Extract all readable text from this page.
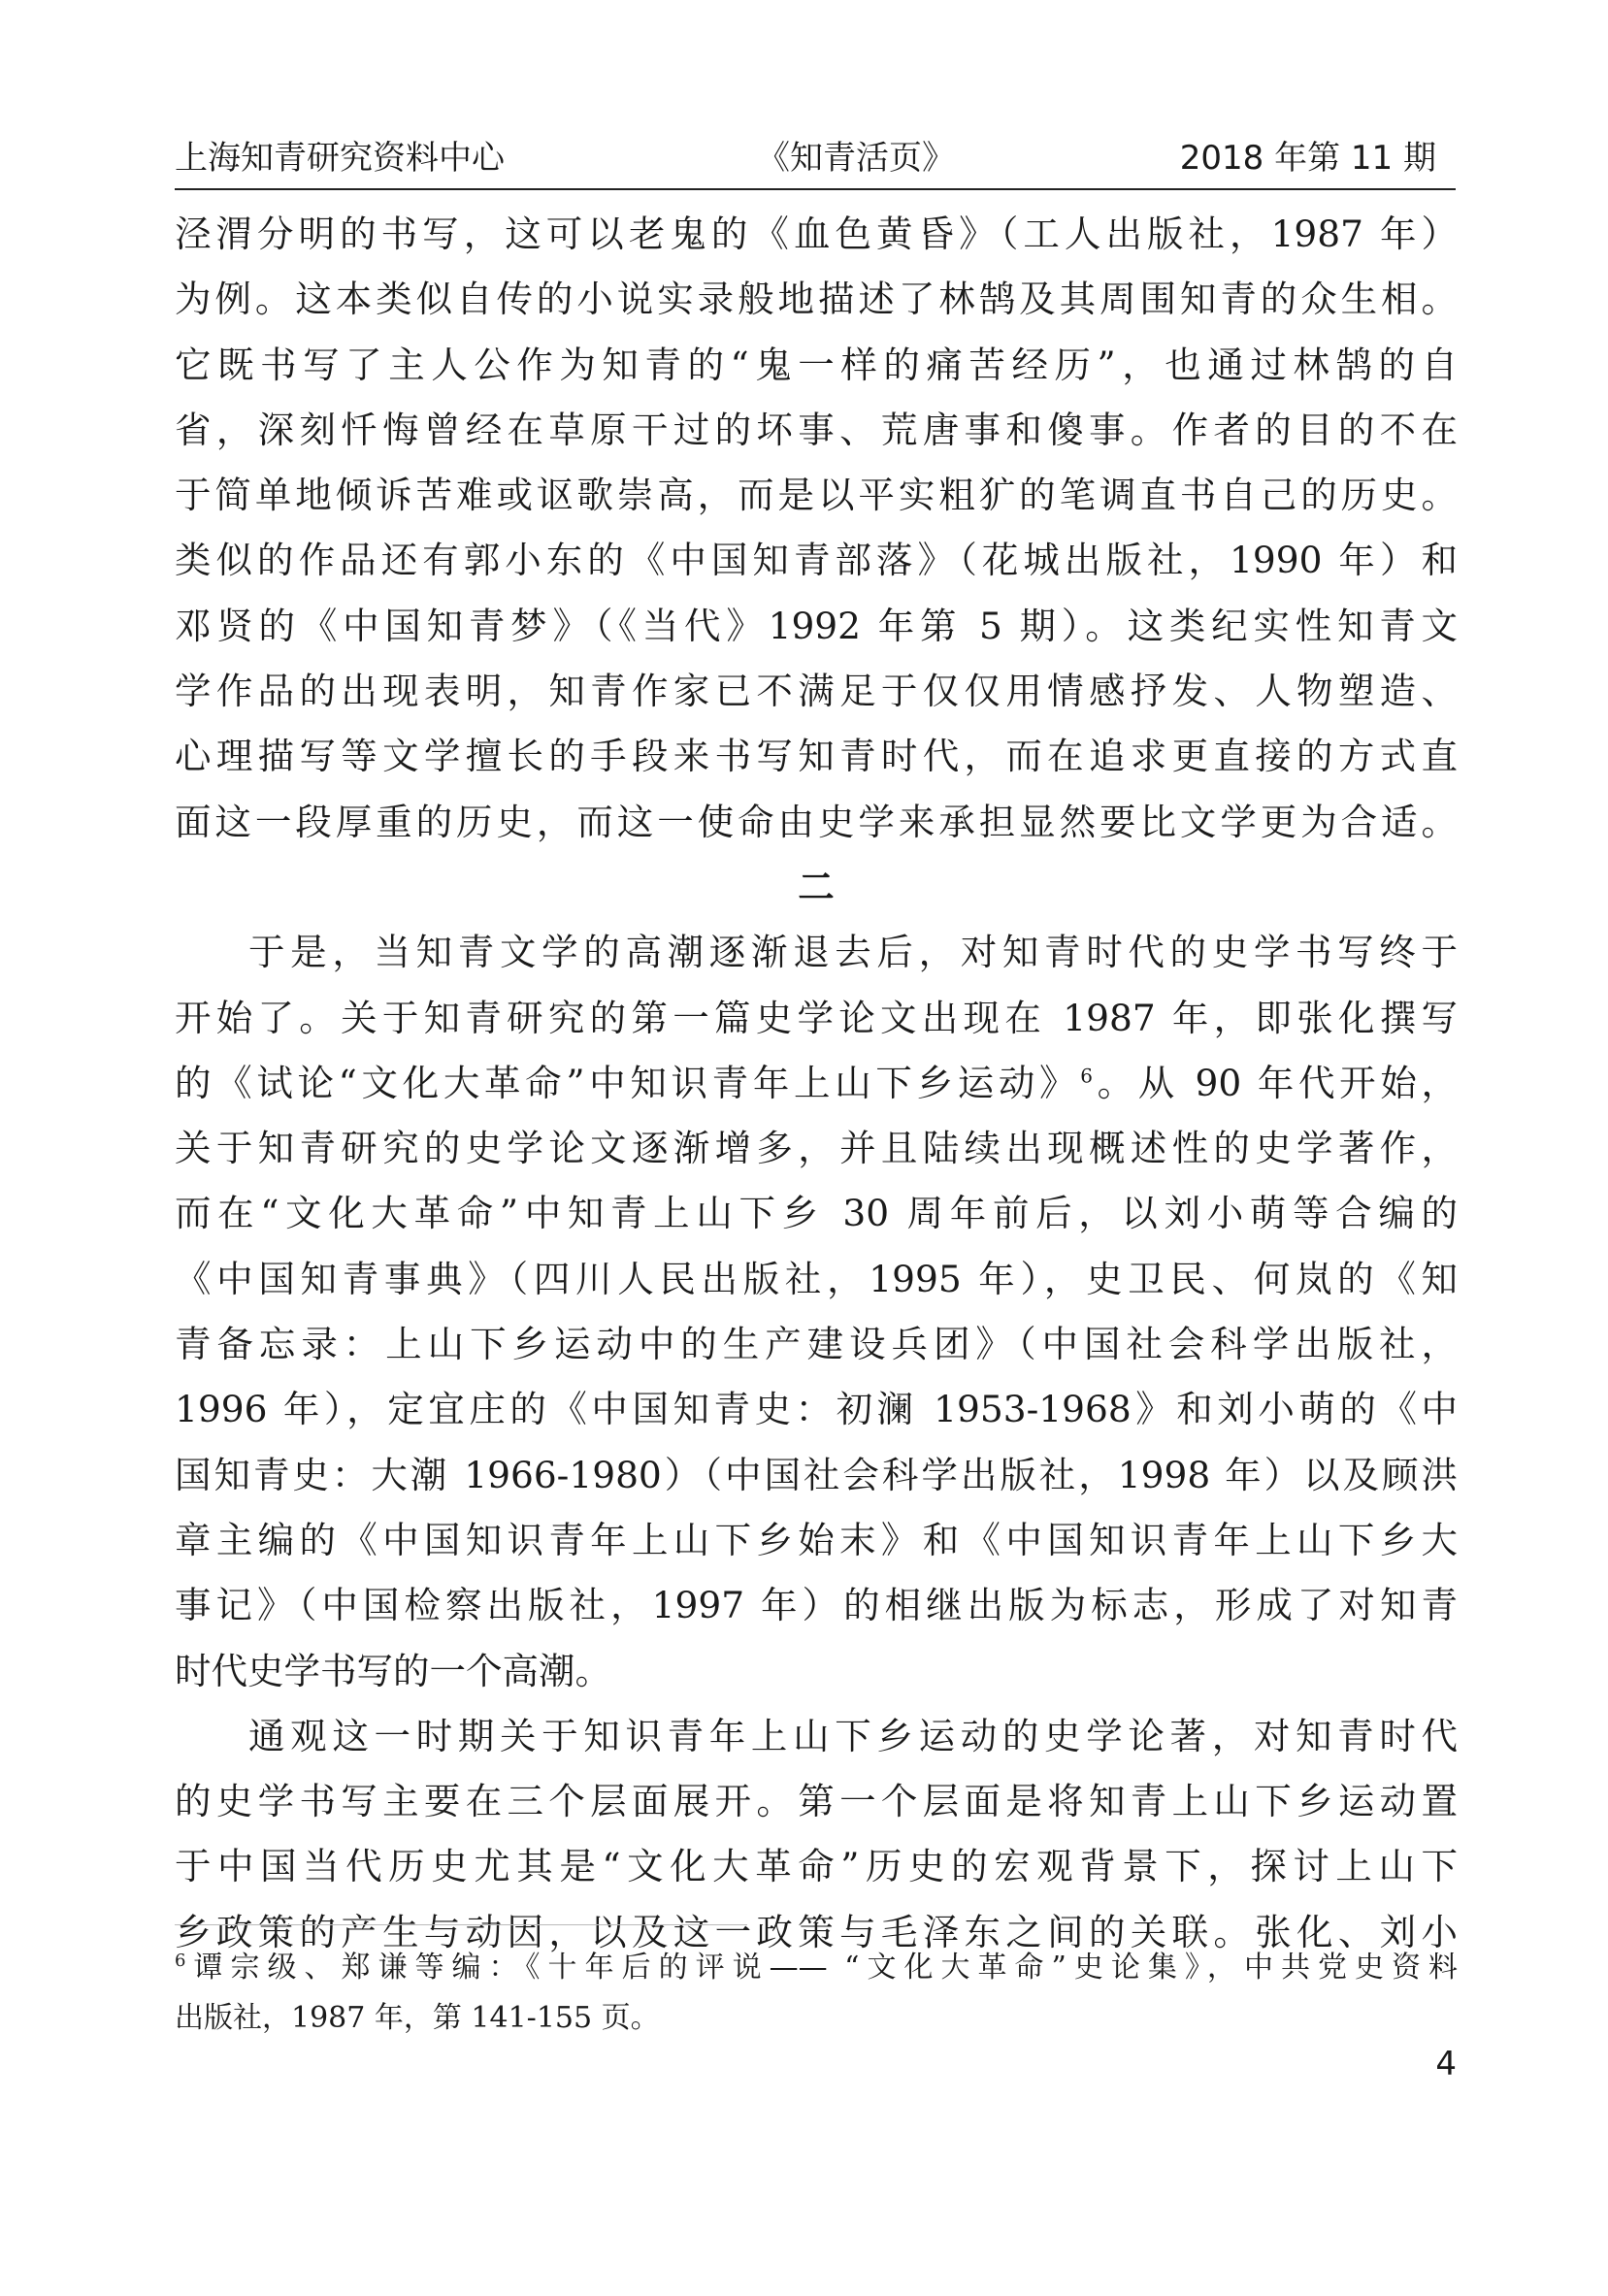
上海知青研究资料中心	《知青活页》	2018 年第 11 期
泾渭分明的书写，这可以老鬼的《血色黄昏》（工人出版社，1987 年）
为例。这本类似自传的小说实录般地描述了林鹄及其周围知青的众生相。
它既书写了主人公作为知青的“鬼一样的痛苦经历”，也通过林鹄的自
省，深刻忏悔曾经在草原干过的坏事、荒唐事和傻事。作者的目的不在
于简单地倾诉苦难或讴歌崇高，而是以平实粗犷的笔调直书自己的历史。
类似的作品还有郭小东的《中国知青部落》（花城出版社，1990 年）和
邓贤的《中国知青梦》（《当代》1992 年第 5 期）。这类纪实性知青文
学作品的出现表明，知青作家已不满足于仅仅用情感抒发、人物塑造、
心理描写等文学擅长的手段来书写知青时代，而在追求更直接的方式直
面这一段厚重的历史，而这一使命由史学来承担显然要比文学更为合适。
二
于是，当知青文学的高潮逐渐退去后，对知青时代的史学书写终于
开始了。关于知青研究的第一篇史学论文出现在 1987 年，即张化撰写
的《试论“文化大革命”中知识青年上山下乡运动》$^6$。从 90 年代开始，
关于知青研究的史学论文逐渐增多，并且陆续出现概述性的史学著作，
而在“文化大革命”中知青上山下乡 30 周年前后，以刘小萌等合编的
《中国知青事典》（四川人民出版社，1995 年），史卫民、何岚的《知
青备忘录：上山下乡运动中的生产建设兵团》（中国社会科学出版社，
1996 年），定宜庄的《中国知青史：初澜 1953-1968》和刘小萌的《中
国知青史：大潮 1966-1980）（中国社会科学出版社，1998 年）以及顾洪
章主编的《中国知识青年上山下乡始末》和《中国知识青年上山下乡大
事记》（中国检察出版社，1997 年）的相继出版为标志，形成了对知青
时代史学书写的一个高潮。
通观这一时期关于知识青年上山下乡运动的史学论著，对知青时代
的史学书写主要在三个层面展开。第一个层面是将知青上山下乡运动置
于中国当代历史尤其是“文化大革命”历史的宏观背景下，探讨上山下
乡政策的产生与动因，以及这一政策与毛泽东之间的关联。张化、刘小
$^6$谭宗级、郑谦等编：《十年后的评说—— “文化大革命”史论集》，中共党史资料
出版社，1987 年，第 141-155 页。
4
